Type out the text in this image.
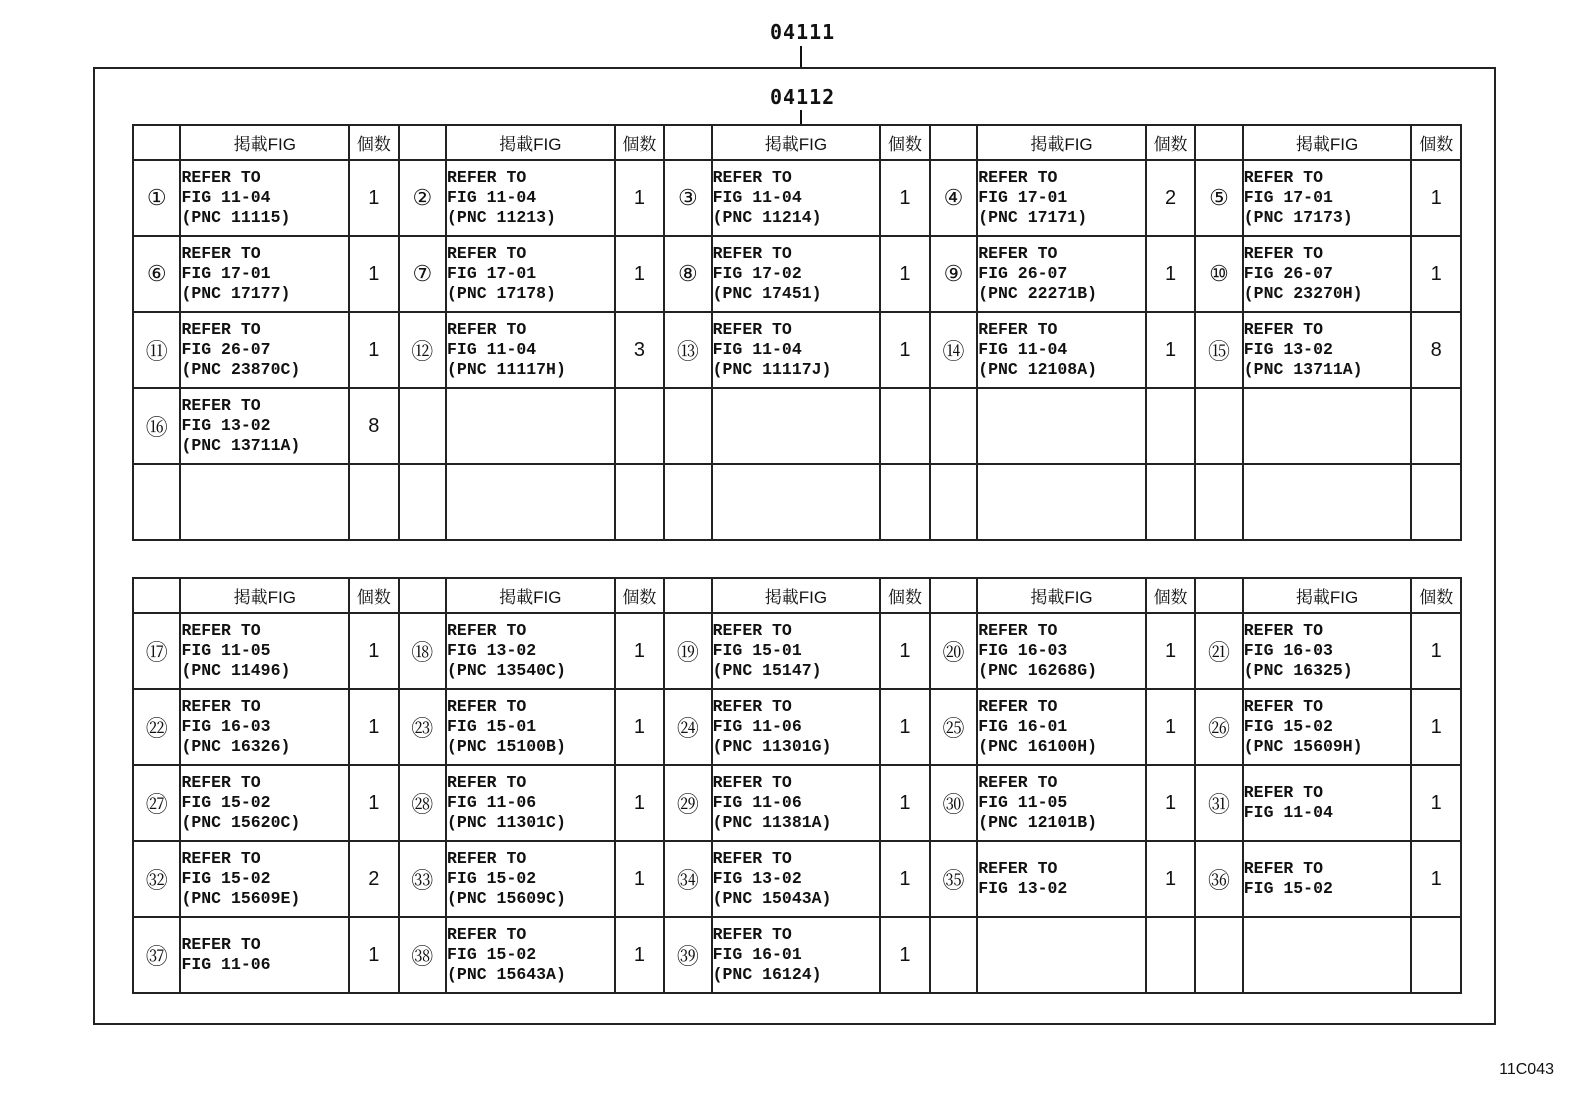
04111
04112
	掲載FIG	個数		掲載FIG	個数		掲載FIG	個数		掲載FIG	個数		掲載FIG	個数
①	REFER TO
FIG 11-04
(PNC 11115)	1	②	REFER TO
FIG 11-04
(PNC 11213)	1	③	REFER TO
FIG 11-04
(PNC 11214)	1	④	REFER TO
FIG 17-01
(PNC 17171)	2	⑤	REFER TO
FIG 17-01
(PNC 17173)	1
⑥	REFER TO
FIG 17-01
(PNC 17177)	1	⑦	REFER TO
FIG 17-01
(PNC 17178)	1	⑧	REFER TO
FIG 17-02
(PNC 17451)	1	⑨	REFER TO
FIG 26-07
(PNC 22271B)	1	⑩	REFER TO
FIG 26-07
(PNC 23270H)	1
⑪	REFER TO
FIG 26-07
(PNC 23870C)	1	⑫	REFER TO
FIG 11-04
(PNC 11117H)	3	⑬	REFER TO
FIG 11-04
(PNC 11117J)	1	⑭	REFER TO
FIG 11-04
(PNC 12108A)	1	⑮	REFER TO
FIG 13-02
(PNC 13711A)	8
⑯	REFER TO
FIG 13-02
(PNC 13711A)	8												

	掲載FIG	個数		掲載FIG	個数		掲載FIG	個数		掲載FIG	個数		掲載FIG	個数
⑰	REFER TO
FIG 11-05
(PNC 11496)	1	⑱	REFER TO
FIG 13-02
(PNC 13540C)	1	⑲	REFER TO
FIG 15-01
(PNC 15147)	1	⑳	REFER TO
FIG 16-03
(PNC 16268G)	1	㉑	REFER TO
FIG 16-03
(PNC 16325)	1
㉒	REFER TO
FIG 16-03
(PNC 16326)	1	㉓	REFER TO
FIG 15-01
(PNC 15100B)	1	㉔	REFER TO
FIG 11-06
(PNC 11301G)	1	㉕	REFER TO
FIG 16-01
(PNC 16100H)	1	㉖	REFER TO
FIG 15-02
(PNC 15609H)	1
㉗	REFER TO
FIG 15-02
(PNC 15620C)	1	㉘	REFER TO
FIG 11-06
(PNC 11301C)	1	㉙	REFER TO
FIG 11-06
(PNC 11381A)	1	㉚	REFER TO
FIG 11-05
(PNC 12101B)	1	㉛	REFER TO
FIG 11-04	1
㉜	REFER TO
FIG 15-02
(PNC 15609E)	2	㉝	REFER TO
FIG 15-02
(PNC 15609C)	1	㉞	REFER TO
FIG 13-02
(PNC 15043A)	1	㉟	REFER TO
FIG 13-02	1	㊱	REFER TO
FIG 15-02	1
㊲	REFER TO
FIG 11-06	1	㊳	REFER TO
FIG 15-02
(PNC 15643A)	1	㊴	REFER TO
FIG 16-01
(PNC 16124)	1						
11C043
